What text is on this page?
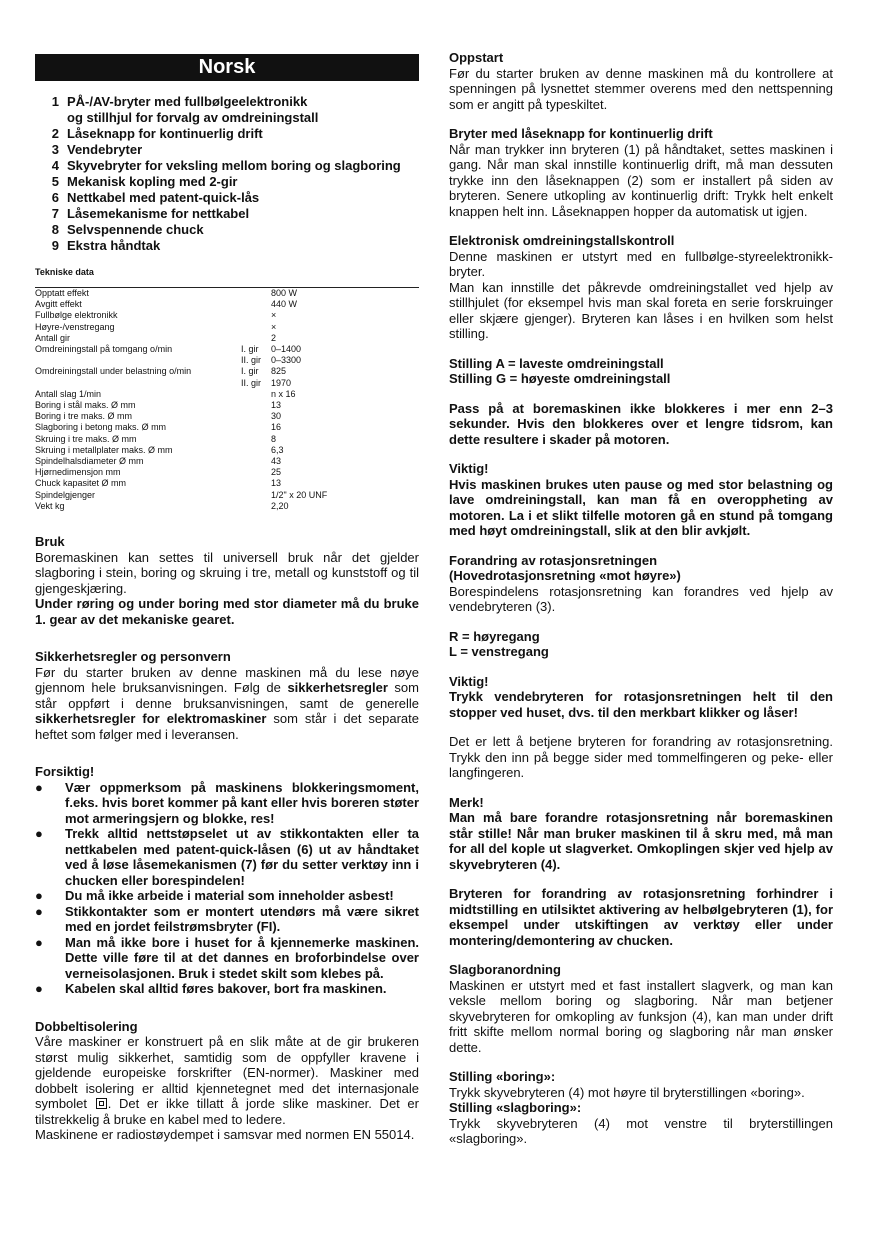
Norsk
1 PÅ-/AV-bryter med fullbølgeelektronikk
og stillhjul for forvalg av omdreiningstall
2 Låseknapp for kontinuerlig drift
3 Vendebryter
4 Skyvebryter for veksling mellom boring og slagboring
5 Mekanisk kopling med 2-gir
6 Nettkabel med patent-quick-lås
7 Låsemekanisme for nettkabel
8 Selvspennende chuck
9 Ekstra håndtak
Tekniske data
Opptatt effekt	800 W
Avgitt effekt	440 W
Fullbølge elektronikk	×
Høyre-/venstregang	×
Antall gir	2
Omdreiningstall på tomgang o/min	I. gir	0–1400
II. gir	0–3300
Omdreiningstall under belastning o/min	I. gir	825
II. gir	1970
Antall slag 1/min	n x 16
Boring i stål maks. Ø mm	13
Boring i tre maks. Ø mm	30
Slagboring i betong maks. Ø mm	16
Skruing i tre maks. Ø mm	8
Skruing i metallplater maks. Ø mm	6,3
Spindelhalsdiameter Ø mm	43
Hjørnedimensjon mm	25
Chuck kapasitet Ø mm	13
Spindelgjenger	1/2" x 20 UNF
Vekt kg	2,20

Bruk

Boremaskinen kan settes til universell bruk når det gjelder slagboring i stein, boring og skruing i tre, metall og kunststoff og til gjengeskjæring.

Under røring og under boring med stor diameter må du bruke 1. gear av det mekaniske gearet.

Sikkerhetsregler og personvern

Før du starter bruken av denne maskinen må du lese nøye gjennom hele bruksanvisningen. Følg de sikkerhetsregler som står oppført i denne bruksanvisningen, samt de generelle sikkerhetsregler for elektromaskiner som står i det separate heftet som følger med i leveransen.

Forsiktig!

●	Vær oppmerksom på maskinens blokkeringsmoment, f.eks. hvis boret kommer på kant eller hvis boreren støter mot armeringsjern og blokke, res!
●	Trekk alltid nettstøpselet ut av stikkontakten eller ta nettkabelen med patent-quick-låsen (6) ut av håndtaket ved å løse låsemekanismen (7) før du setter verktøy inn i chucken eller borespindelen!
●	Du må ikke arbeide i material som inneholder asbest!
●	Stikkontakter som er montert utendørs må være sikret med en jordet feilstrømsbryter (FI).
●	Man må ikke bore i huset for å kjennemerke maskinen. Dette ville føre til at det dannes en broforbindelse over verneisolasjonen. Bruk i stedet skilt som klebes på.
●	Kabelen skal alltid føres bakover, bort fra maskinen.

Dobbeltisolering

Våre maskiner er konstruert på en slik måte at de gir brukeren størst mulig sikkerhet, samtidig som de oppfyller kravene i gjeldende europeiske forskrifter (EN-normer). Maskiner med dobbelt isolering er alltid kjennetegnet med det internasjonale symbolet . Det er ikke tillatt å jorde slike maskiner. Det er tilstrekkelig å bruke en kabel med to ledere.

Maskinene er radiostøydempet i samsvar med normen EN 55014.

Oppstart

Før du starter bruken av denne maskinen må du kontrollere at spenningen på lysnettet stemmer overens med den nettspenning som er angitt på typeskiltet.

Bryter med låseknapp for kontinuerlig drift

Når man trykker inn bryteren (1) på håndtaket, settes maskinen i gang. Når man skal innstille kontinuerlig drift, må man dessuten trykke inn den låseknappen (2) som er installert på siden av bryteren. Senere utkopling av kontinuerlig drift: Trykk helt enkelt knappen helt inn. Låseknappen hopper da automatisk ut igjen.

Elektronisk omdreiningstallskontroll

Denne maskinen er utstyrt med en fullbølge-styreelektronikk-bryter.

Man kan innstille det påkrevde omdreiningstallet ved hjelp av stillhjulet (for eksempel hvis man skal foreta en serie forskruinger eller skjære gjenger). Bryteren kan låses i en hvilken som helst stilling.

Stilling A = laveste omdreiningstall

Stilling G = høyeste omdreiningstall

Pass på at boremaskinen ikke blokkeres i mer enn 2–3 sekunder. Hvis den blokkeres over et lengre tidsrom, kan dette resultere i skader på motoren.

Viktig!

Hvis maskinen brukes uten pause og med stor belastning og lave omdreiningstall, kan man få en overoppheting av motoren. La i et slikt tilfelle motoren gå en stund på tomgang med høyt omdreiningstall, slik at den blir avkjølt.

Forandring av rotasjonsretningen

(Hovedrotasjonsretning «mot høyre»)

Borespindelens rotasjonsretning kan forandres ved hjelp av vendebryteren (3).

R = høyregang

L = venstregang

Viktig!

Trykk vendebryteren for rotasjonsretningen helt til den stopper ved huset, dvs. til den merkbart klikker og låser!

Det er lett å betjene bryteren for forandring av rotasjonsretning. Trykk den inn på begge sider med tommelfingeren og peke- eller langfingeren.

Merk!

Man må bare forandre rotasjonsretning når boremaskinen står stille! Når man bruker maskinen til å skru med, må man for all del kople ut slagverket. Omkoplingen skjer ved hjelp av skyvebryteren (4).

Bryteren for forandring av rotasjonsretning forhindrer i midtstilling en utilsiktet aktivering av helbølgebryteren (1), for eksempel under utskiftingen av verktøy eller under montering/demontering av chucken.

Slagboranordning

Maskinen er utstyrt med et fast installert slagverk, og man kan veksle mellom boring og slagboring. Når man betjener skyvebryteren for omkopling av funksjon (4), kan man under drift fritt skifte mellom normal boring og slagboring når man ønsker dette.

Stilling «boring»:

Trykk skyvebryteren (4) mot høyre til bryterstillingen «boring».

Stilling «slagboring»:

Trykk skyvebryteren (4) mot venstre til bryterstillingen «slagboring».
